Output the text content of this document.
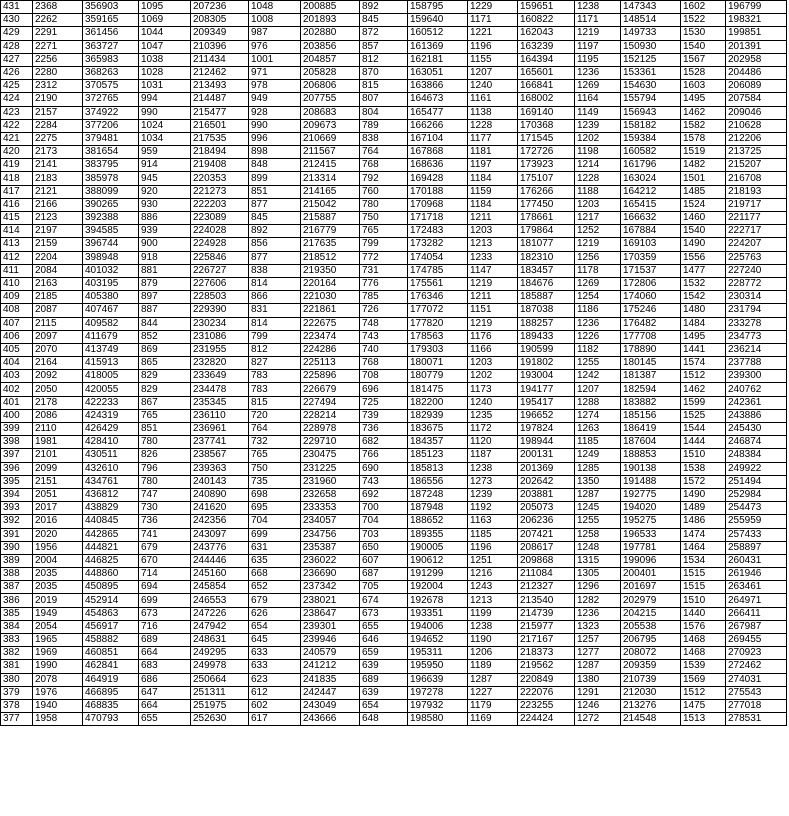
431	2368	356903	1095	207236	1048	200885	892	158795	1229	159651	1238	147343	1602	196799
430	2262	359165	1069	208305	1008	201893	845	159640	1171	160822	1171	148514	1522	198321
429	2291	361456	1044	209349	987	202880	872	160512	1221	162043	1219	149733	1530	199851
428	2271	363727	1047	210396	976	203856	857	161369	1196	163239	1197	150930	1540	201391
427	2256	365983	1038	211434	1001	204857	812	162181	1155	164394	1195	152125	1567	202958
426	2280	368263	1028	212462	971	205828	870	163051	1207	165601	1236	153361	1528	204486
425	2312	370575	1031	213493	978	206806	815	163866	1240	166841	1269	154630	1603	206089
424	2190	372765	994	214487	949	207755	807	164673	1161	168002	1164	155794	1495	207584
423	2157	374922	990	215477	928	208683	804	165477	1138	169140	1149	156943	1462	209046
422	2284	377206	1024	216501	990	209673	789	166266	1228	170368	1239	158182	1582	210628
421	2275	379481	1034	217535	996	210669	838	167104	1177	171545	1202	159384	1578	212206
420	2173	381654	959	218494	898	211567	764	167868	1181	172726	1198	160582	1519	213725
419	2141	383795	914	219408	848	212415	768	168636	1197	173923	1214	161796	1482	215207
418	2183	385978	945	220353	899	213314	792	169428	1184	175107	1228	163024	1501	216708
417	2121	388099	920	221273	851	214165	760	170188	1159	176266	1188	164212	1485	218193
416	2166	390265	930	222203	877	215042	780	170968	1184	177450	1203	165415	1524	219717
415	2123	392388	886	223089	845	215887	750	171718	1211	178661	1217	166632	1460	221177
414	2197	394585	939	224028	892	216779	765	172483	1203	179864	1252	167884	1540	222717
413	2159	396744	900	224928	856	217635	799	173282	1213	181077	1219	169103	1490	224207
412	2204	398948	918	225846	877	218512	772	174054	1233	182310	1256	170359	1556	225763
411	2084	401032	881	226727	838	219350	731	174785	1147	183457	1178	171537	1477	227240
410	2163	403195	879	227606	814	220164	776	175561	1219	184676	1269	172806	1532	228772
409	2185	405380	897	228503	866	221030	785	176346	1211	185887	1254	174060	1542	230314
408	2087	407467	887	229390	831	221861	726	177072	1151	187038	1186	175246	1480	231794
407	2115	409582	844	230234	814	222675	748	177820	1219	188257	1236	176482	1484	233278
406	2097	411679	852	231086	799	223474	743	178563	1176	189433	1226	177708	1495	234773
405	2070	413749	869	231955	812	224286	740	179303	1166	190599	1182	178890	1441	236214
404	2164	415913	865	232820	827	225113	768	180071	1203	191802	1255	180145	1574	237788
403	2092	418005	829	233649	783	225896	708	180779	1202	193004	1242	181387	1512	239300
402	2050	420055	829	234478	783	226679	696	181475	1173	194177	1207	182594	1462	240762
401	2178	422233	867	235345	815	227494	725	182200	1240	195417	1288	183882	1599	242361
400	2086	424319	765	236110	720	228214	739	182939	1235	196652	1274	185156	1525	243886
399	2110	426429	851	236961	764	228978	736	183675	1172	197824	1263	186419	1544	245430
398	1981	428410	780	237741	732	229710	682	184357	1120	198944	1185	187604	1444	246874
397	2101	430511	826	238567	765	230475	766	185123	1187	200131	1249	188853	1510	248384
396	2099	432610	796	239363	750	231225	690	185813	1238	201369	1285	190138	1538	249922
395	2151	434761	780	240143	735	231960	743	186556	1273	202642	1350	191488	1572	251494
394	2051	436812	747	240890	698	232658	692	187248	1239	203881	1287	192775	1490	252984
393	2017	438829	730	241620	695	233353	700	187948	1192	205073	1245	194020	1489	254473
392	2016	440845	736	242356	704	234057	704	188652	1163	206236	1255	195275	1486	255959
391	2020	442865	741	243097	699	234756	703	189355	1185	207421	1258	196533	1474	257433
390	1956	444821	679	243776	631	235387	650	190005	1196	208617	1248	197781	1464	258897
389	2004	446825	670	244446	635	236022	607	190612	1251	209868	1315	199096	1534	260431
388	2035	448860	714	245160	668	236690	687	191299	1216	211084	1305	200401	1515	261946
387	2035	450895	694	245854	652	237342	705	192004	1243	212327	1296	201697	1515	263461
386	2019	452914	699	246553	679	238021	674	192678	1213	213540	1282	202979	1510	264971
385	1949	454863	673	247226	626	238647	673	193351	1199	214739	1236	204215	1440	266411
384	2054	456917	716	247942	654	239301	655	194006	1238	215977	1323	205538	1576	267987
383	1965	458882	689	248631	645	239946	646	194652	1190	217167	1257	206795	1468	269455
382	1969	460851	664	249295	633	240579	659	195311	1206	218373	1277	208072	1468	270923
381	1990	462841	683	249978	633	241212	639	195950	1189	219562	1287	209359	1539	272462
380	2078	464919	686	250664	623	241835	689	196639	1287	220849	1380	210739	1569	274031
379	1976	466895	647	251311	612	242447	639	197278	1227	222076	1291	212030	1512	275543
378	1940	468835	664	251975	602	243049	654	197932	1179	223255	1246	213276	1475	277018
377	1958	470793	655	252630	617	243666	648	198580	1169	224424	1272	214548	1513	278531
